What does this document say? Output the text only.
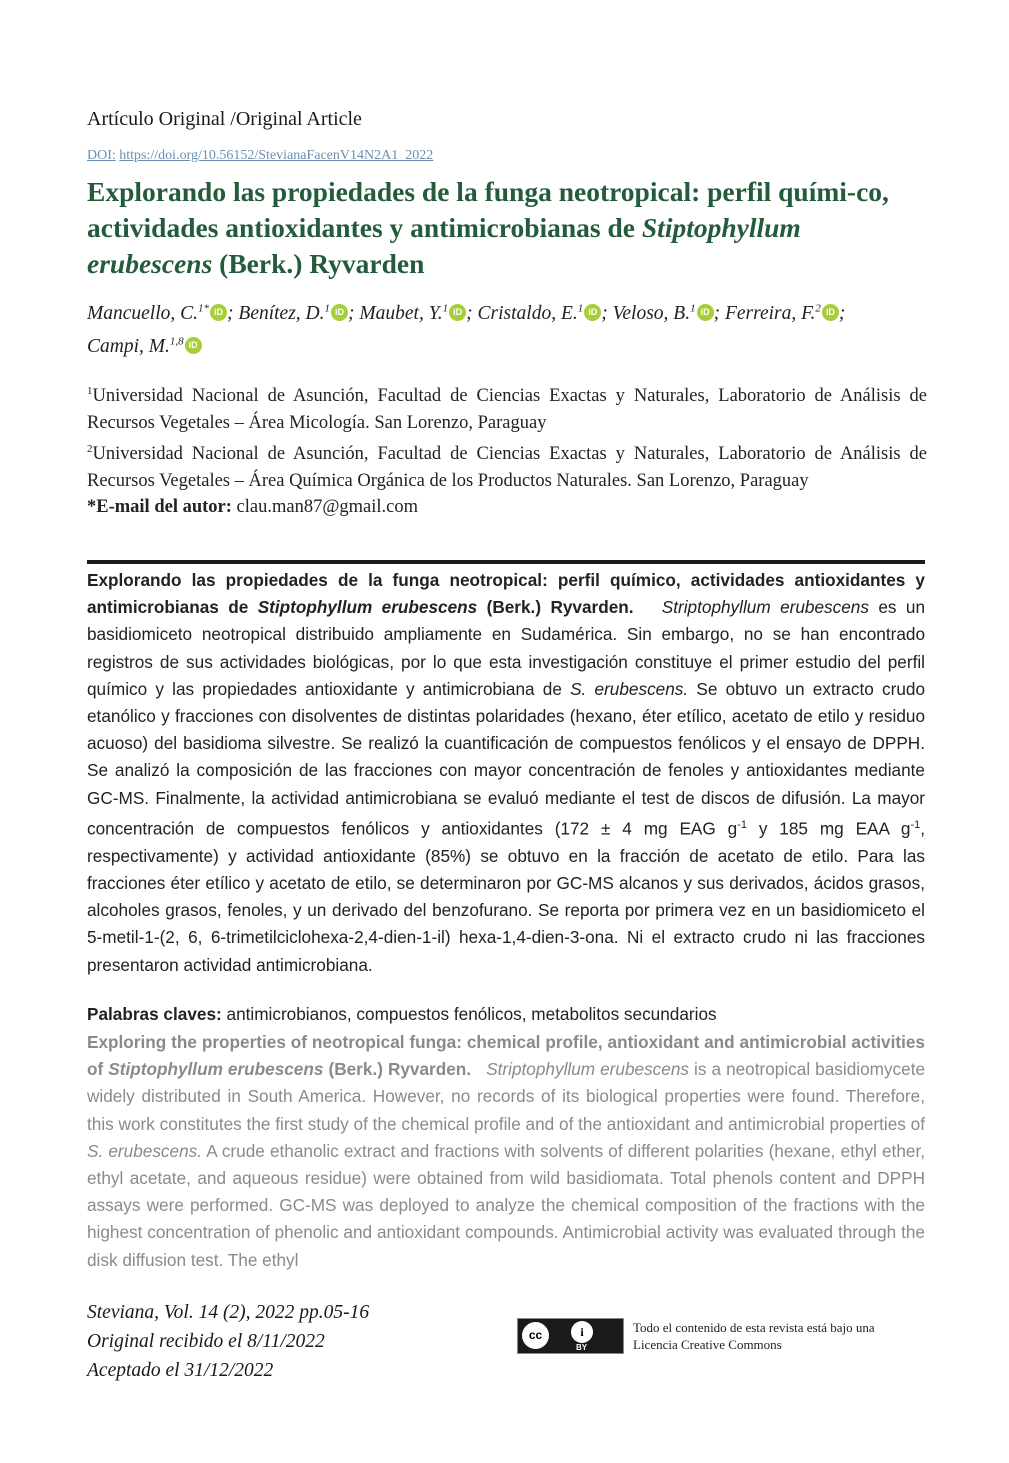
Artículo Original /Original Article
DOI: https://doi.org/10.56152/StevianaFacenV14N2A1_2022
Explorando las propiedades de la funga neotropical: perfil quími-co, actividades antioxidantes y antimicrobianas de Stiptophyllum erubescens (Berk.) Ryvarden
Mancuello, C.$^{1*}$ iD ; Benítez, D.$^1$ iD ; Maubet, Y.$^1$ iD ; Cristaldo, E.$^1$ iD ; Veloso, B.$^1$ iD ; Ferreira, F.$^2$ iD ;
Campi, M.$^{1,8}$ iD

$^1$Universidad Nacional de Asunción, Facultad de Ciencias Exactas y Naturales, Laboratorio de Análisis de Recursos Vegetales – Área Micología. San Lorenzo, Paraguay

$^2$Universidad Nacional de Asunción, Facultad de Ciencias Exactas y Naturales, Laboratorio de Análisis de Recursos Vegetales – Área Química Orgánica de los Productos Naturales. San Lorenzo, Paraguay

*E-mail del autor: clau.man87@gmail.com

Explorando las propiedades de la funga neotropical: perfil químico, actividades antioxidantes y antimicrobianas de Stiptophyllum erubescens (Berk.) Ryvarden. Striptophyllum erubescens es un basidiomiceto neotropical distribuido ampliamente en Sudamérica. Sin embargo, no se han encontrado registros de sus actividades biológicas, por lo que esta investigación constituye el primer estudio del perfil químico y las propiedades antioxidante y antimicrobiana de S. erubescens. Se obtuvo un extracto crudo etanólico y fracciones con disolventes de distintas polaridades (hexano, éter etílico, acetato de etilo y residuo acuoso) del basidioma silvestre. Se realizó la cuantificación de compuestos fenólicos y el ensayo de DPPH. Se analizó la composición de las fracciones con mayor concentración de fenoles y antioxidantes mediante GC-MS. Finalmente, la actividad antimicrobiana se evaluó mediante el test de discos de difusión. La mayor concentración de compuestos fenólicos y antioxidantes (172 ± 4 mg EAG $g^{-1}$ y 185 mg EAA $g^{-1}$, respectivamente) y actividad antioxidante (85%) se obtuvo en la fracción de acetato de etilo. Para las fracciones éter etílico y acetato de etilo, se determinaron por GC-MS alcanos y sus derivados, ácidos grasos, alcoholes grasos, fenoles, y un derivado del benzofurano. Se reporta por primera vez en un basidiomiceto el 5-metil-1-(2, 6, 6-trimetilciclohexa-2,4-dien-1-il) hexa-1,4-dien-3-ona. Ni el extracto crudo ni las fracciones presentaron actividad antimicrobiana.

Palabras claves: antimicrobianos, compuestos fenólicos, metabolitos secundarios

Exploring the properties of neotropical funga: chemical profile, antioxidant and antimicrobial activities of Stiptophyllum erubescens (Berk.) Ryvarden. Striptophyllum erubescens is a neotropical basidiomycete widely distributed in South America. However, no records of its biological properties were found. Therefore, this work constitutes the first study of the chemical profile and of the antioxidant and antimicrobial properties of S. erubescens. A crude ethanolic extract and fractions with solvents of different polarities (hexane, ethyl ether, ethyl acetate, and aqueous residue) were obtained from wild basidiomata. Total phenols content and DPPH assays were performed. GC-MS was deployed to analyze the chemical composition of the fractions with the highest concentration of phenolic and antioxidant compounds. Antimicrobial activity was evaluated through the disk diffusion test. The ethyl

Steviana, Vol. 14 (2), 2022 pp.05-16
Original recibido el 8/11/2022
Aceptado el 31/12/2022
cc	i
BY
Todo el contenido de esta revista está bajo una
Licencia Creative Commons
